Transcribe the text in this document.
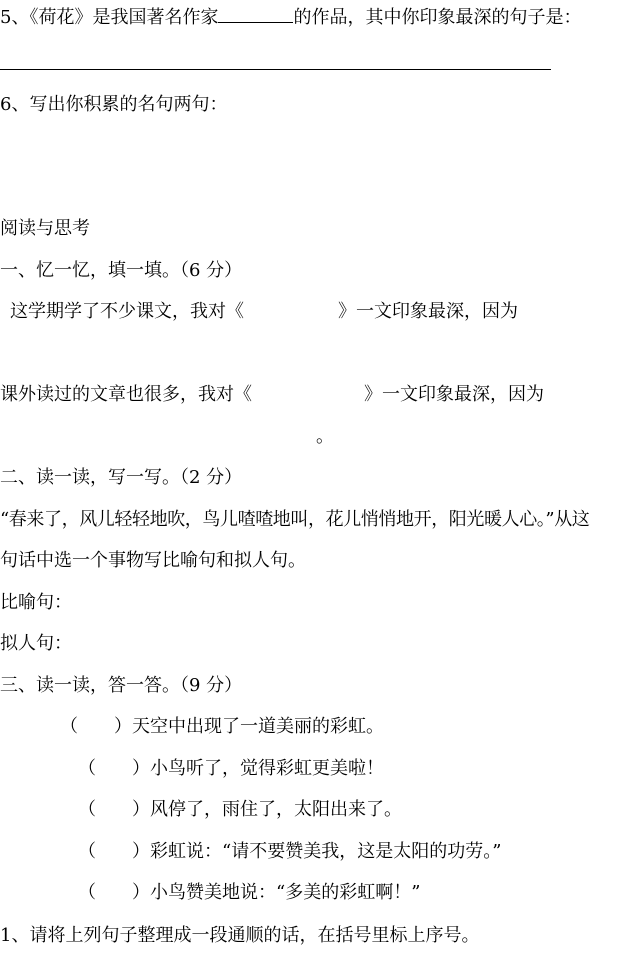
5、《荷花》是我国著名作家	的作品，其中你印象最深的句子是：
6、写出你积累的名句两句：
阅读与思考
一、忆一忆，填一填。（6 分）
这学期学了不少课文，我对《	》一文印象最深，因为
课外读过的文章也很多，我对《	》一文印象最深，因为
。
二、读一读，写一写。（2 分）
“春来了，风儿轻轻地吹，鸟儿喳喳地叫，花儿悄悄地开，阳光暖人心。”从这
句话中选一个事物写比喻句和拟人句。
比喻句：
拟人句：
三、读一读，答一答。（9 分）
（　　）天空中出现了一道美丽的彩虹。
（　　）小鸟听了，觉得彩虹更美啦！
（　　）风停了，雨住了，太阳出来了。
（　　）彩虹说：“请不要赞美我，这是太阳的功劳。”
（　　）小鸟赞美地说：“多美的彩虹啊！”
1、请将上列句子整理成一段通顺的话，在括号里标上序号。
